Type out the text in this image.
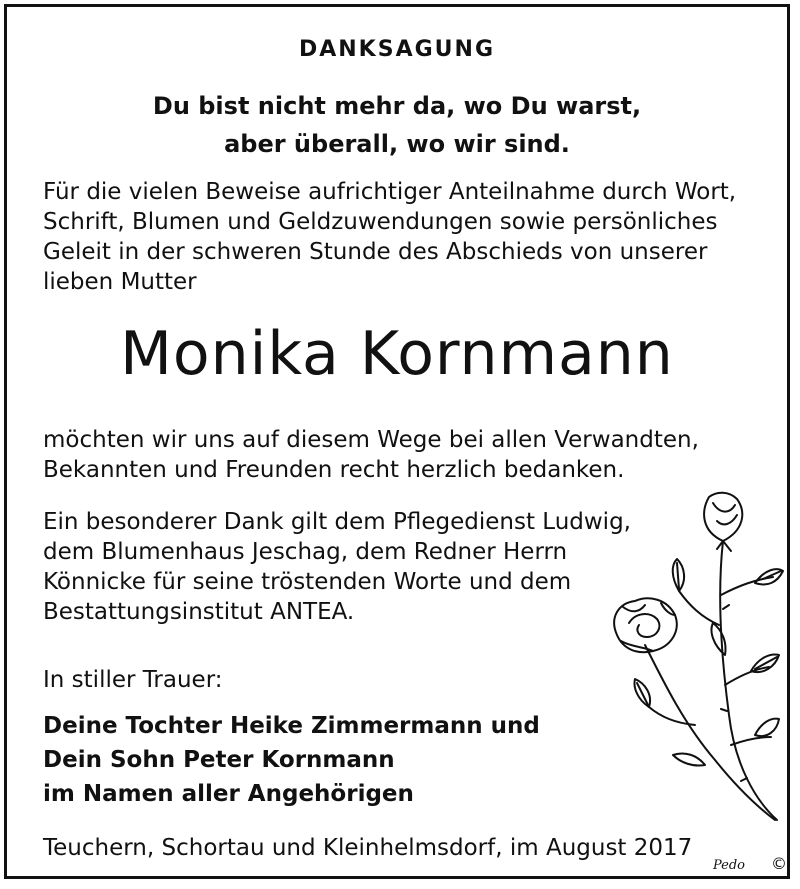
DANKSAGUNG
Du bist nicht mehr da, wo Du warst,
aber überall, wo wir sind.

Für die vielen Beweise aufrichtiger Anteilnahme durch Wort, Schrift, Blumen und Geldzuwendungen sowie persönliches Geleit in der schweren Stunde des Abschieds von unserer lieben Mutter

Monika Kornmann

möchten wir uns auf diesem Wege bei allen Verwandten, Bekannten und Freunden recht herzlich bedanken.

Ein besonderer Dank gilt dem Pflegedienst Ludwig, dem Blumenhaus Jeschag, dem Redner Herrn Könnicke für seine tröstenden Worte und dem Bestattungsinstitut ANTEA.

In stiller Trauer:
Deine Tochter Heike Zimmermann und
Dein Sohn Peter Kornmann
im Namen aller Angehörigen
Teuchern, Schortau und Kleinhelmsdorf, im August 2017
Pedo ©
